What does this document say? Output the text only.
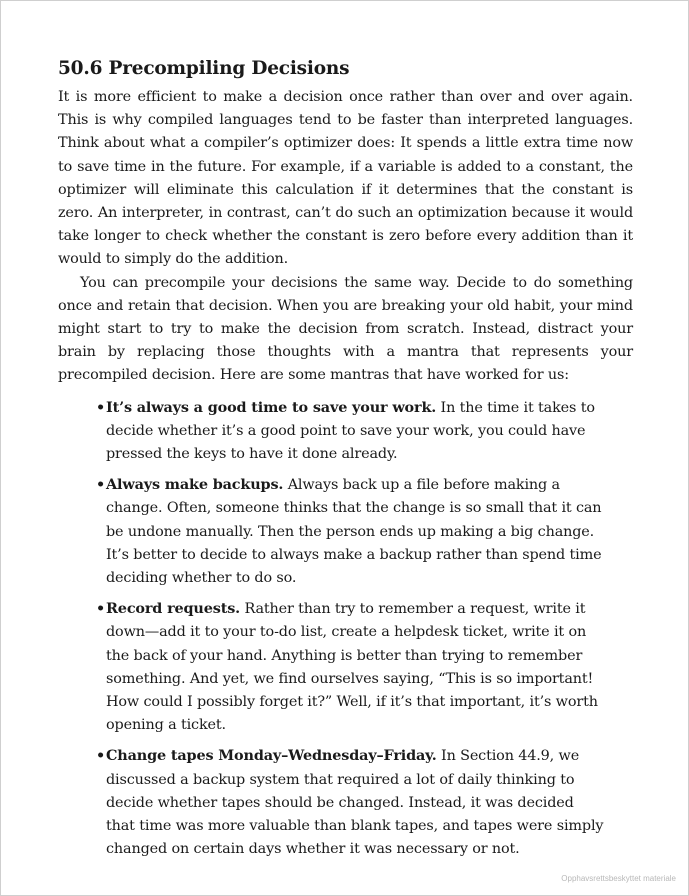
50.6 Precompiling Decisions

It is more efficient to make a decision once rather than over and over again. This is why compiled languages tend to be faster than interpreted languages. Think about what a compiler’s optimizer does: It spends a little extra time now to save time in the future. For example, if a variable is added to a constant, the optimizer will eliminate this calculation if it determines that the constant is zero. An interpreter, in contrast, can’t do such an optimization because it would take longer to check whether the constant is zero before every addition than it would to simply do the addition.

You can precompile your decisions the same way. Decide to do something once and retain that decision. When you are breaking your old habit, your mind might start to try to make the decision from scratch. Instead, distract your brain by replacing those thoughts with a mantra that represents your precompiled decision. Here are some mantras that have worked for us:

•It’s always a good time to save your work. In the time it takes to decide whether it’s a good point to save your work, you could have pressed the keys to have it done already.
•Always make backups. Always back up a file before making a change. Often, someone thinks that the change is so small that it can be undone manually. Then the person ends up making a big change. It’s better to decide to always make a backup rather than spend time deciding whether to do so.
•Record requests. Rather than try to remember a request, write it down—add it to your to-do list, create a helpdesk ticket, write it on the back of your hand. Anything is better than trying to remember something. And yet, we find ourselves saying, “This is so important! How could I possibly forget it?” Well, if it’s that important, it’s worth opening a ticket.
•Change tapes Monday–Wednesday–Friday. In Section 44.9, we discussed a backup system that required a lot of daily thinking to decide whether tapes should be changed. Instead, it was decided that time was more valuable than blank tapes, and tapes were simply changed on certain days whether it was necessary or not.
Opphavsrettsbeskyttet materiale
